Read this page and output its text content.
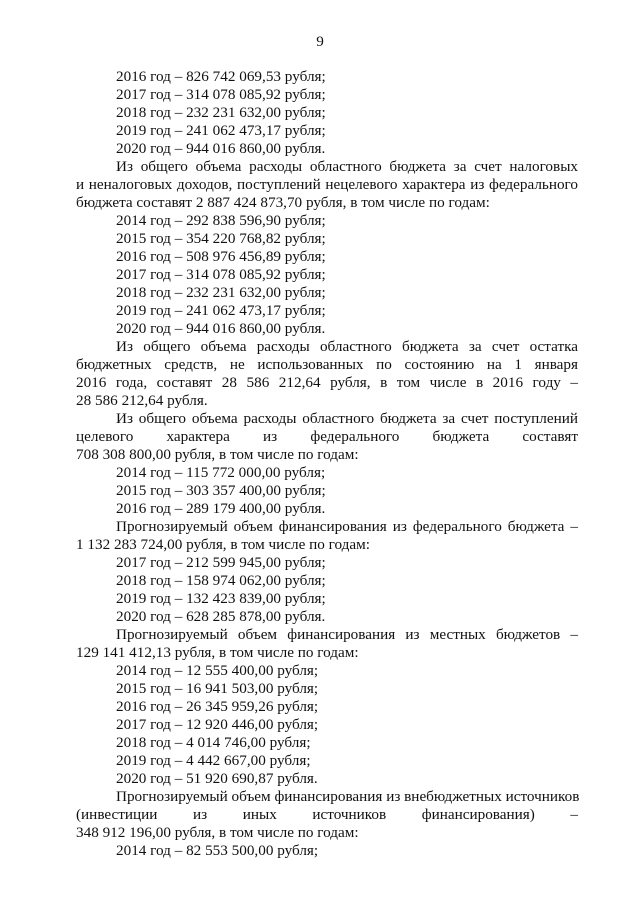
9
2016 год – 826 742 069,53 рубля;
2017 год – 314 078 085,92 рубля;
2018 год – 232 231 632,00 рубля;
2019 год – 241 062 473,17 рубля;
2020 год – 944 016 860,00 рубля.
Из общего объема расходы областного бюджета за счет налоговых
и неналоговых доходов, поступлений нецелевого характера из федерального
бюджета составят 2 887 424 873,70 рубля, в том числе по годам:
2014 год – 292 838 596,90 рубля;
2015 год – 354 220 768,82 рубля;
2016 год – 508 976 456,89 рубля;
2017 год – 314 078 085,92 рубля;
2018 год – 232 231 632,00 рубля;
2019 год – 241 062 473,17 рубля;
2020 год – 944 016 860,00 рубля.
Из общего объема расходы областного бюджета за счет остатка
бюджетных средств, не использованных по состоянию на 1 января
2016 года, составят 28 586 212,64 рубля, в том числе в 2016 году –
28 586 212,64 рубля.
Из общего объема расходы областного бюджета за счет поступлений
целевого характера из федерального бюджета составят
708 308 800,00 рубля, в том числе по годам:
2014 год – 115 772 000,00 рубля;
2015 год – 303 357 400,00 рубля;
2016 год – 289 179 400,00 рубля.
Прогнозируемый объем финансирования из федерального бюджета –
1 132 283 724,00 рубля, в том числе по годам:
2017 год – 212 599 945,00 рубля;
2018 год – 158 974 062,00 рубля;
2019 год – 132 423 839,00 рубля;
2020 год – 628 285 878,00 рубля.
Прогнозируемый объем финансирования из местных бюджетов –
129 141 412,13 рубля, в том числе по годам:
2014 год – 12 555 400,00 рубля;
2015 год – 16 941 503,00 рубля;
2016 год – 26 345 959,26 рубля;
2017 год – 12 920 446,00 рубля;
2018 год – 4 014 746,00 рубля;
2019 год – 4 442 667,00 рубля;
2020 год – 51 920 690,87 рубля.
Прогнозируемый объем финансирования из внебюджетных источников
(инвестиции из иных источников финансирования) –
348 912 196,00 рубля, в том числе по годам:
2014 год – 82 553 500,00 рубля;
